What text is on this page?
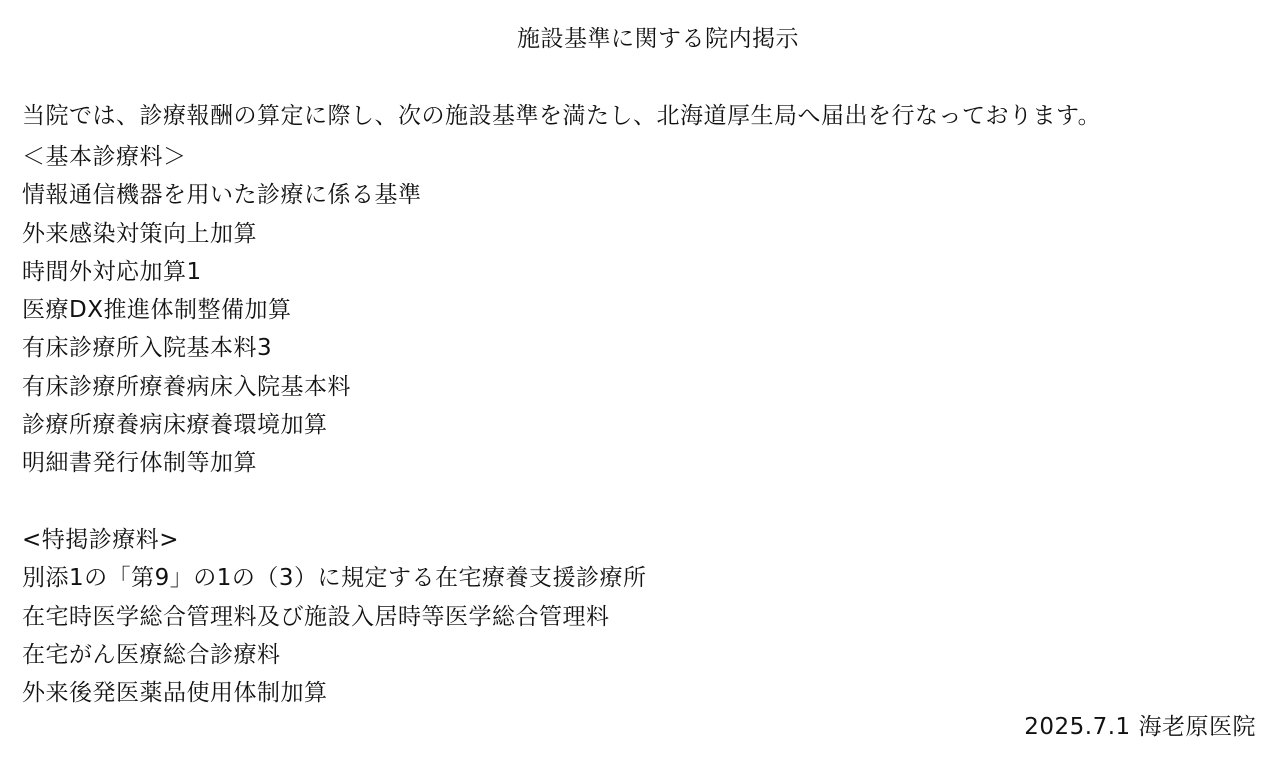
施設基準に関する院内掲示
当院では、診療報酬の算定に際し、次の施設基準を満たし、北海道厚生局へ届出を行なっております。
＜基本診療料＞
情報通信機器を用いた診療に係る基準
外来感染対策向上加算
時間外対応加算1
医療DX推進体制整備加算
有床診療所入院基本料3
有床診療所療養病床入院基本料
診療所療養病床療養環境加算
明細書発行体制等加算
<特掲診療料>
別添1の「第9」の1の（3）に規定する在宅療養支援診療所
在宅時医学総合管理料及び施設入居時等医学総合管理料
在宅がん医療総合診療料
外来後発医薬品使用体制加算
2025.7.1 海老原医院
